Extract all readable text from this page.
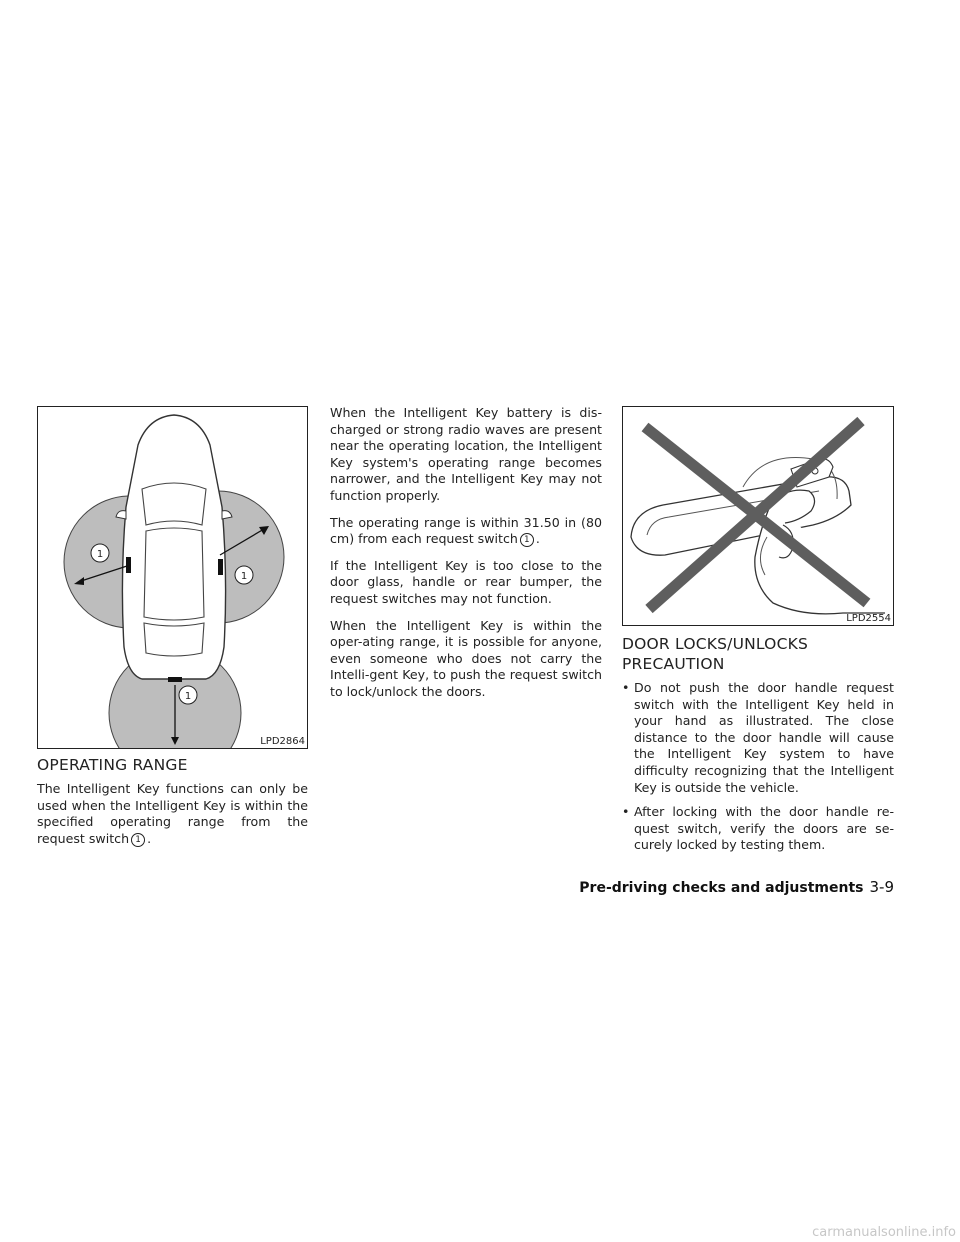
1
1
1
LPD2864
OPERATING RANGE

The Intelligent Key functions can only be used when the Intelligent Key is within the specified operating range from the request switch 1 .

When the Intelligent Key battery is dis-charged or strong radio waves are present near the operating location, the Intelligent Key system's operating range becomes narrower, and the Intelligent Key may not function properly.

The operating range is within 31.50 in (80 cm) from each request switch 1 .

If the Intelligent Key is too close to the door glass, handle or rear bumper, the request switches may not function.

When the Intelligent Key is within the oper-ating range, it is possible for anyone, even someone who does not carry the Intelli-gent Key, to push the request switch to lock/unlock the doors.

LPD2554
DOOR LOCKS/UNLOCKS
PRECAUTION
• Do not push the door handle request switch with the Intelligent Key held in your hand as illustrated. The close distance to the door handle will cause the Intelligent Key system to have difficulty recognizing that the Intelligent Key is outside the vehicle.
• After locking with the door handle re-quest switch, verify the doors are se-curely locked by testing them.
Pre-driving checks and adjustments 3-9
carmanualsonline.info
